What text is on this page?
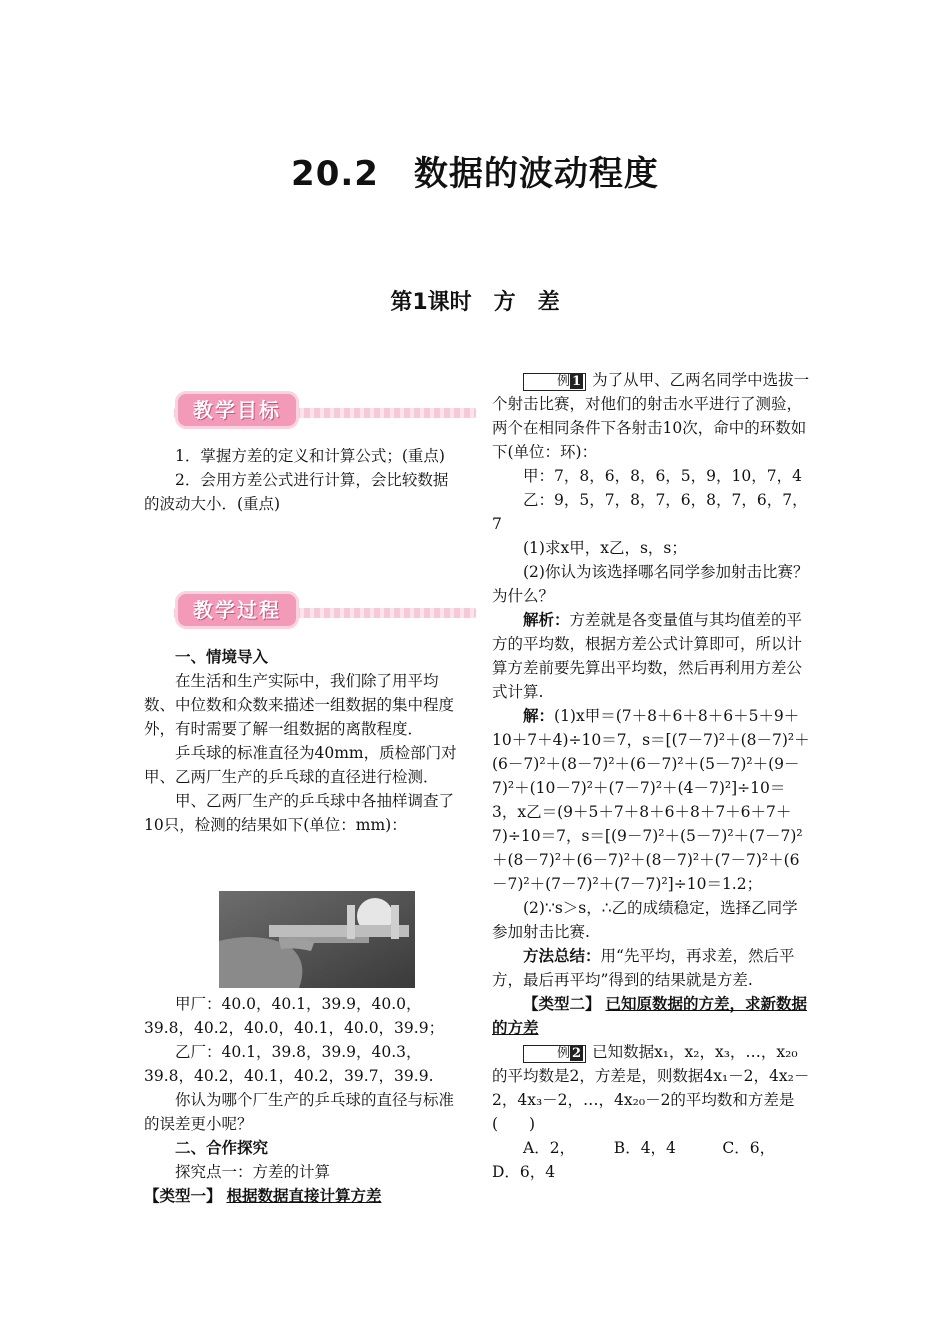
20.2　数据的波动程度
第1课时　方　差
教学目标

1．掌握方差的定义和计算公式；(重点)

2．会用方差公式进行计算，会比较数据的波动大小．(重点)

教学过程

一、情境导入

在生活和生产实际中，我们除了用平均数、中位数和众数来描述一组数据的集中程度外，有时需要了解一组数据的离散程度．

乒乓球的标准直径为40mm，质检部门对甲、乙两厂生产的乒乓球的直径进行检测．

甲、乙两厂生产的乒乓球中各抽样调查了10只，检测的结果如下(单位：mm)：

甲厂：40.0，40.1，39.9，40.0，39.8，40.2，40.0，40.1，40.0，39.9；

乙厂：40.1，39.8，39.9，40.3，39.8，40.2，40.1，40.2，39.7，39.9.

你认为哪个厂生产的乒乓球的直径与标准的误差更小呢？

二、合作探究

探究点一：方差的计算

【类型一】 根据数据直接计算方差

例 1 为了从甲、乙两名同学中选拔一个射击比赛，对他们的射击水平进行了测验，两个在相同条件下各射击10次，命中的环数如下(单位：环)：

甲：7，8，6，8，6，5，9，10，7，4

乙：9，5，7，8，7，6，8，7，6，7，7

(1)求x甲，x乙，s，s；

(2)你认为该选择哪名同学参加射击比赛？为什么？

解析：方差就是各变量值与其均值差的平方的平均数，根据方差公式计算即可，所以计算方差前要先算出平均数，然后再利用方差公式计算.

解：(1)x甲＝(7＋8＋6＋8＋6＋5＋9＋10＋7＋4)÷10＝7，s＝[(7－7)²＋(8－7)²＋(6－7)²＋(8－7)²＋(6－7)²＋(5－7)²＋(9－7)²＋(10－7)²＋(7－7)²＋(4－7)²]÷10＝3，x乙＝(9＋5＋7＋8＋6＋8＋7＋6＋7＋7)÷10＝7，s＝[(9－7)²＋(5－7)²＋(7－7)²＋(8－7)²＋(6－7)²＋(8－7)²＋(7－7)²＋(6－7)²＋(7－7)²＋(7－7)²]÷10＝1.2；

(2)∵s＞s，∴乙的成绩稳定，选择乙同学参加射击比赛.

方法总结：用“先平均，再求差，然后平方，最后再平均”得到的结果就是方差.

【类型二】 已知原数据的方差，求新数据的方差

例 2 已知数据x₁，x₂，x₃，…，x₂₀的平均数是2，方差是，则数据4x₁－2，4x₂－2，4x₃－2，…，4x₂₀－2的平均数和方差是(　　)

A．2，　　　B．4，4　　　C．6，　　D．6，4
